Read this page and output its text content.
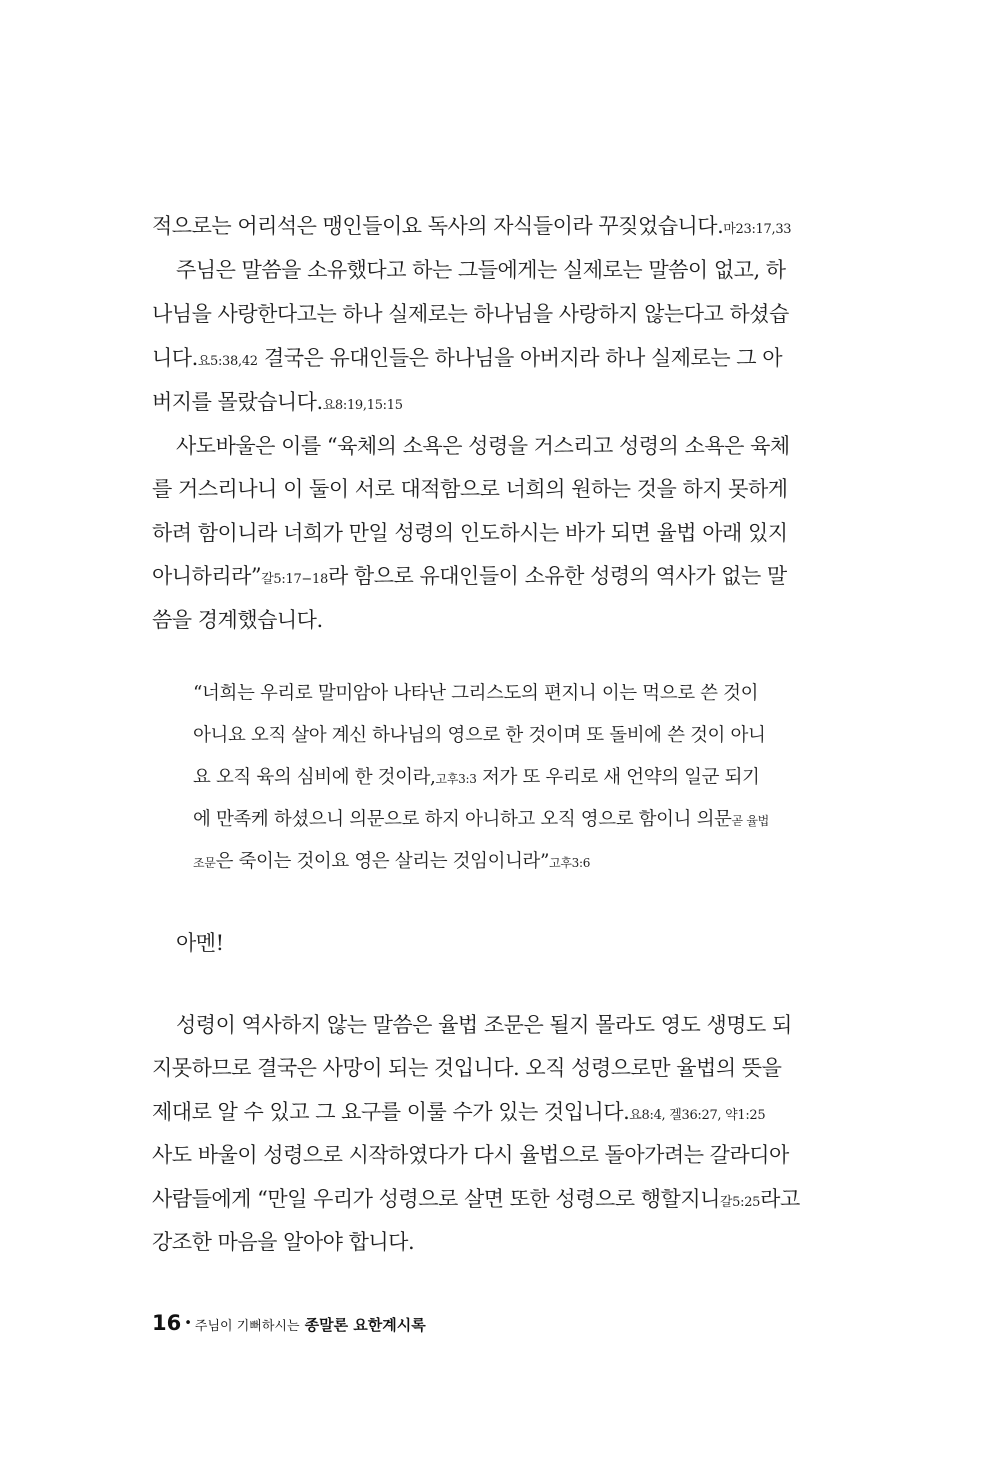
적으로는 어리석은 맹인들이요 독사의 자식들이라 꾸짖었습니다.마23:17,33

주님은 말씀을 소유했다고 하는 그들에게는 실제로는 말씀이 없고, 하

나님을 사랑한다고는 하나 실제로는 하나님을 사랑하지 않는다고 하셨습

니다.요5:38,42 결국은 유대인들은 하나님을 아버지라 하나 실제로는 그 아

버지를 몰랐습니다.요8:19,15:15

사도바울은 이를 “육체의 소욕은 성령을 거스리고 성령의 소욕은 육체

를 거스리나니 이 둘이 서로 대적함으로 너희의 원하는 것을 하지 못하게

하려 함이니라 너희가 만일 성령의 인도하시는 바가 되면 율법 아래 있지

아니하리라”갈5:17−18라 함으로 유대인들이 소유한 성령의 역사가 없는 말

씀을 경계했습니다.

“너희는 우리로 말미암아 나타난 그리스도의 편지니 이는 먹으로 쓴 것이

아니요 오직 살아 계신 하나님의 영으로 한 것이며 또 돌비에 쓴 것이 아니

요 오직 육의 심비에 한 것이라,고후3:3 저가 또 우리로 새 언약의 일군 되기

에 만족케 하셨으니 의문으로 하지 아니하고 오직 영으로 함이니 의문곧 율법

조문은 죽이는 것이요 영은 살리는 것임이니라”고후3:6

아멘!

성령이 역사하지 않는 말씀은 율법 조문은 될지 몰라도 영도 생명도 되

지못하므로 결국은 사망이 되는 것입니다. 오직 성령으로만 율법의 뜻을

제대로 알 수 있고 그 요구를 이룰 수가 있는 것입니다.요8:4, 겔36:27, 약1:25

사도 바울이 성령으로 시작하였다가 다시 율법으로 돌아가려는 갈라디아

사람들에게 “만일 우리가 성령으로 살면 또한 성령으로 행할지니갈5:25라고

강조한 마음을 알아야 합니다.

16 • 주님이 기뻐하시는 종말론 요한계시록
